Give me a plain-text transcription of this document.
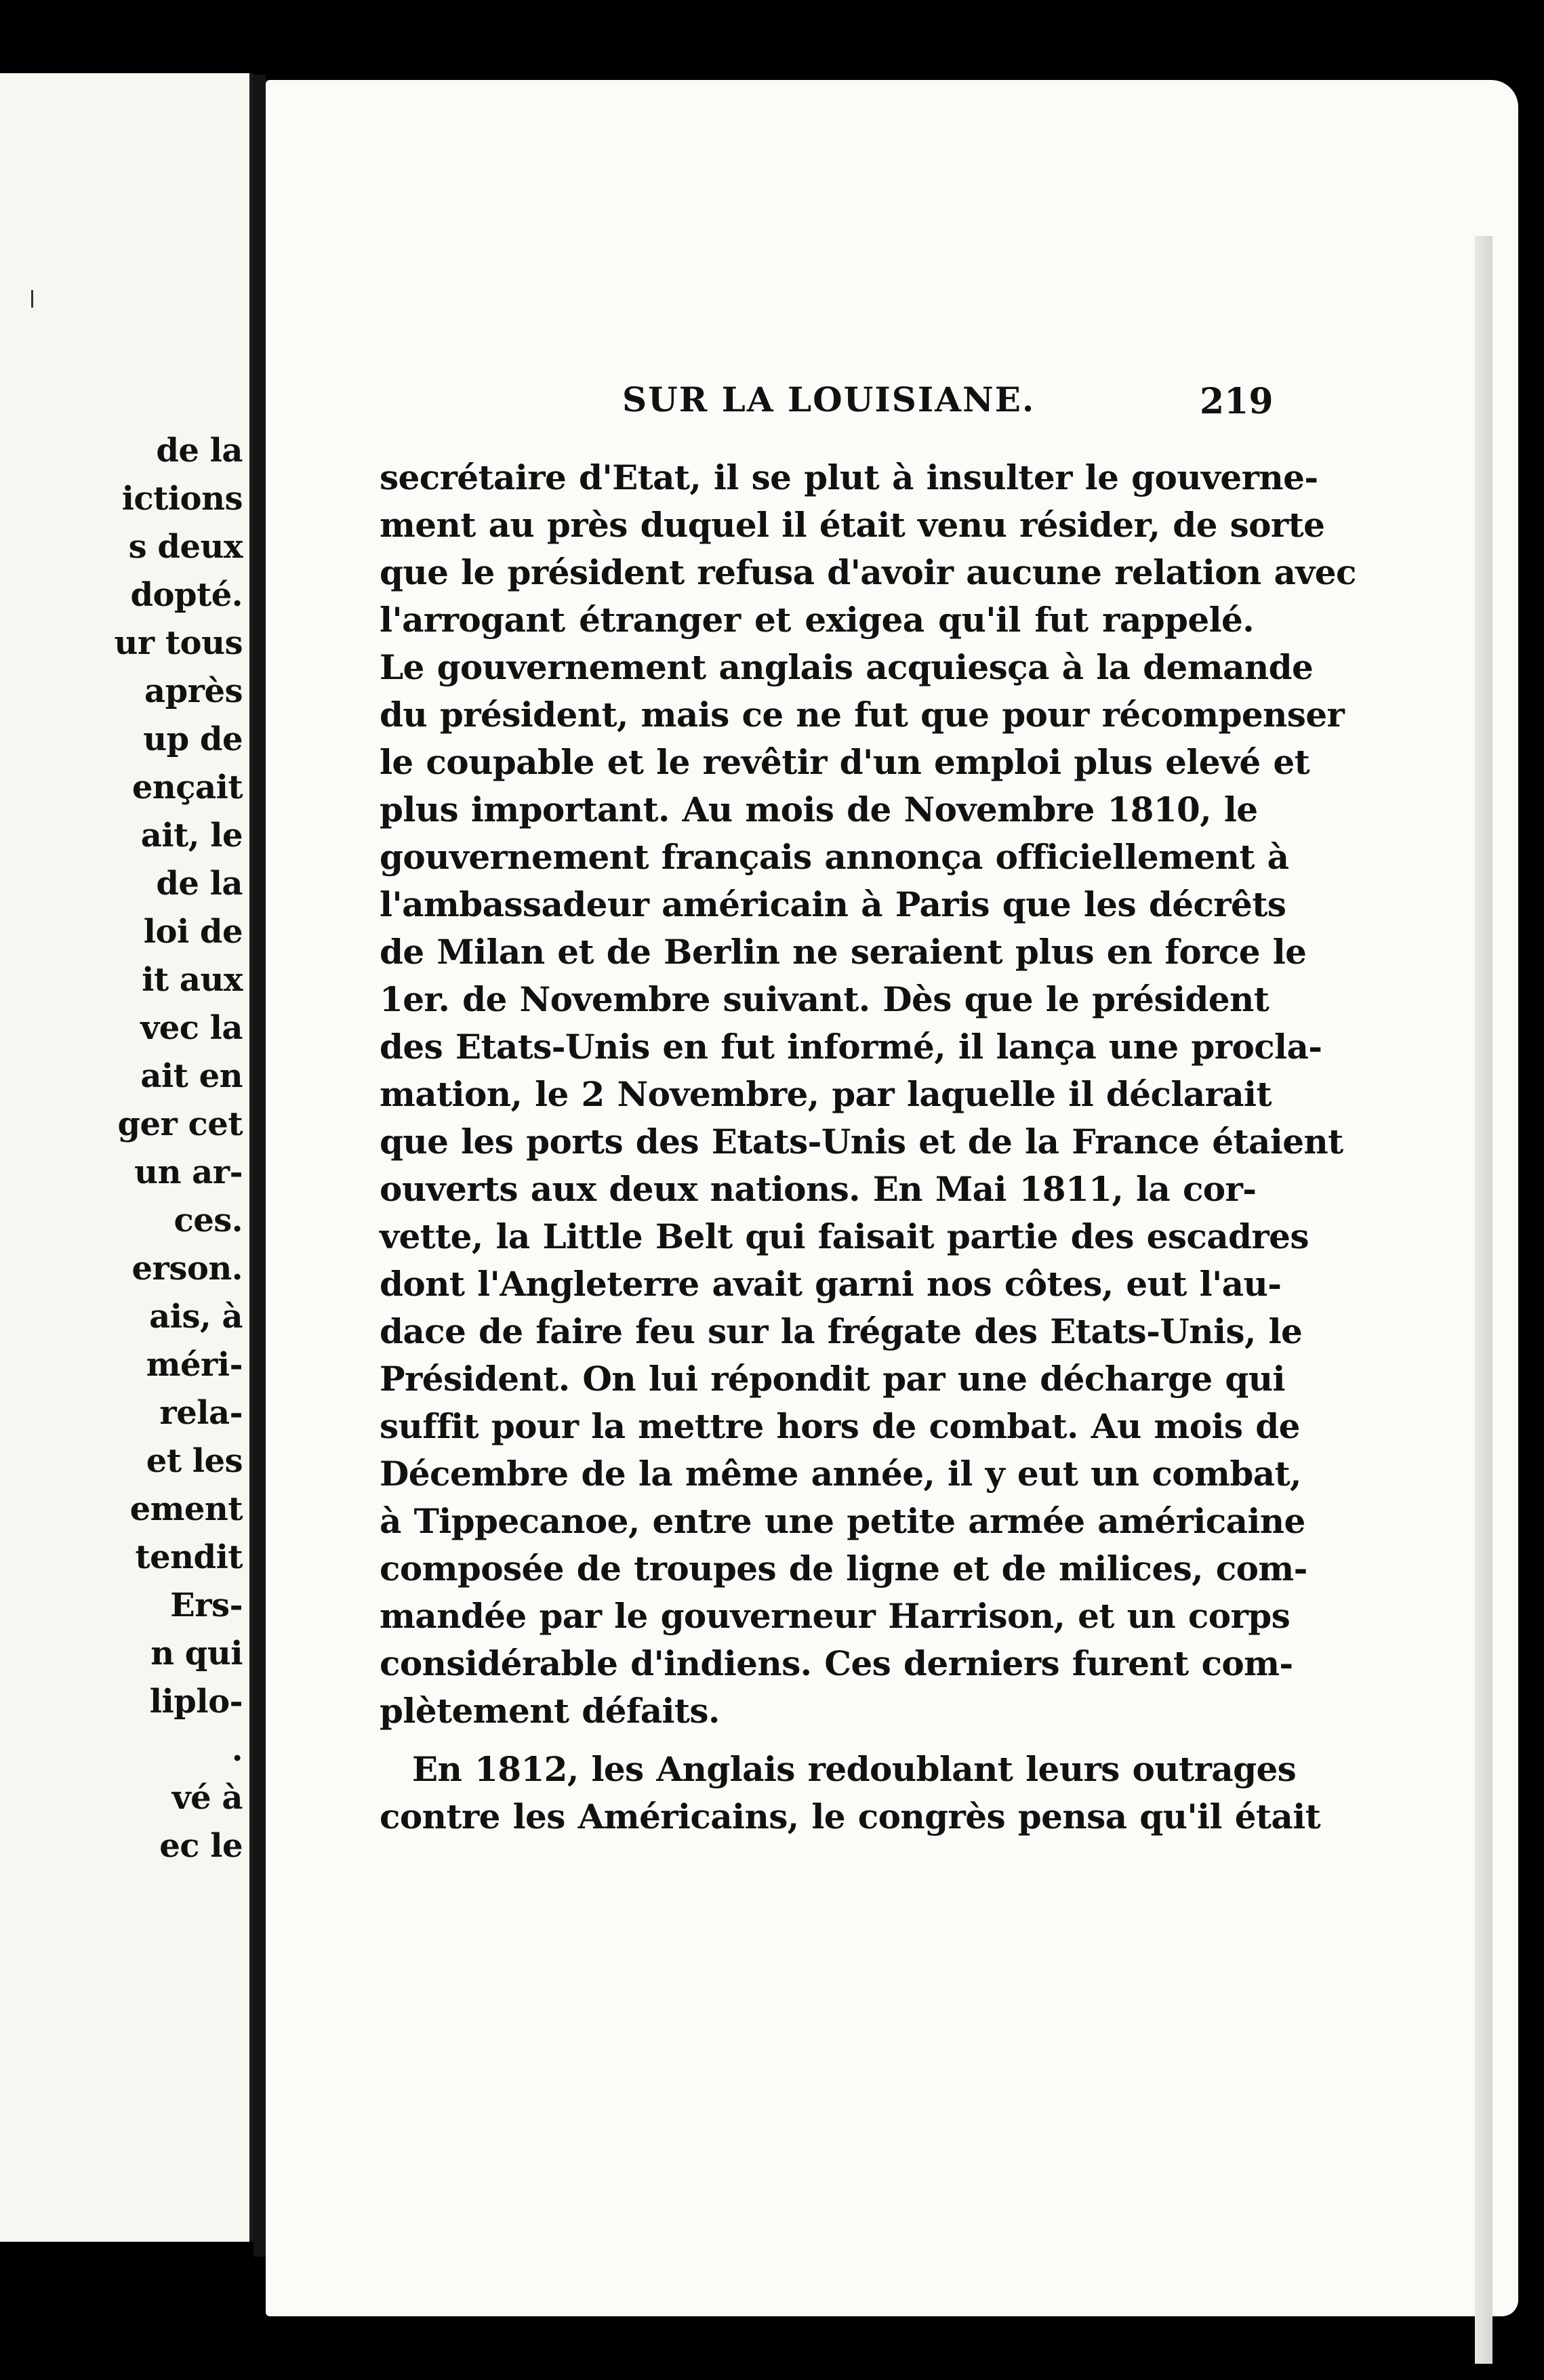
de la
ictions
s deux
dopté.
ur tous
après
up de
ençait
ait, le
de la
loi de
it aux
vec la
ait en
ger cet
un ar-
ces.
erson.
ais, à
méri-
rela-
et les
ement
tendit
Ers-
n qui
liplo-
.
vé à
ec le
SUR LA LOUISIANE.	219
secrétaire d'Etat, il se plut à insulter le gouverne-
ment au près duquel il était venu résider, de sorte
que le président refusa d'avoir aucune relation avec
l'arrogant étranger et exigea qu'il fut rappelé.
Le gouvernement anglais acquiesça à la demande
du président, mais ce ne fut que pour récompenser
le coupable et le revêtir d'un emploi plus elevé et
plus important. Au mois de Novembre 1810, le
gouvernement français annonça officiellement à
l'ambassadeur américain à Paris que les décrêts
de Milan et de Berlin ne seraient plus en force le
1er. de Novembre suivant. Dès que le président
des Etats-Unis en fut informé, il lança une procla-
mation, le 2 Novembre, par laquelle il déclarait
que les ports des Etats-Unis et de la France étaient
ouverts aux deux nations. En Mai 1811, la cor-
vette, la Little Belt qui faisait partie des escadres
dont l'Angleterre avait garni nos côtes, eut l'au-
dace de faire feu sur la frégate des Etats-Unis, le
Président. On lui répondit par une décharge qui
suffit pour la mettre hors de combat. Au mois de
Décembre de la même année, il y eut un combat,
à Tippecanoe, entre une petite armée américaine
composée de troupes de ligne et de milices, com-
mandée par le gouverneur Harrison, et un corps
considérable d'indiens. Ces derniers furent com-
plètement défaits.
En 1812, les Anglais redoublant leurs outrages
contre les Américains, le congrès pensa qu'il était
